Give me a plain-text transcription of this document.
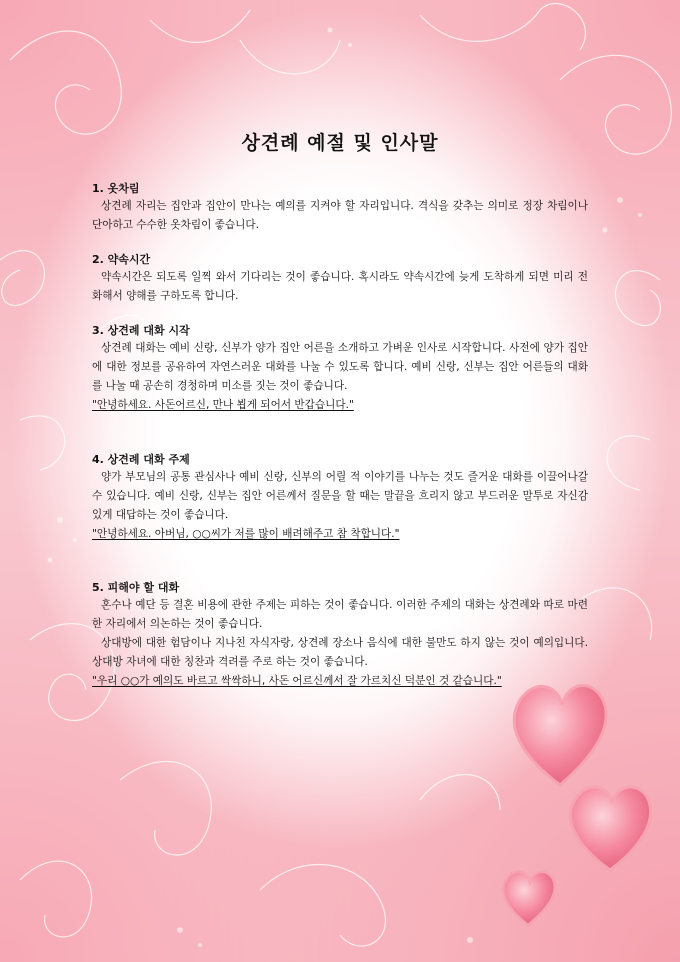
상견례 예절 및 인사말

1. 옷차림

상견례 자리는 집안과 집안이 만나는 예의를 지켜야 할 자리입니다. 격식을 갖추는 의미로 정장 차림이나 단아하고 수수한 옷차림이 좋습니다.

2. 약속시간

약속시간은 되도록 일찍 와서 기다리는 것이 좋습니다. 혹시라도 약속시간에 늦게 도착하게 되면 미리 전화해서 양해를 구하도록 합니다.

3. 상견례 대화 시작

상견례 대화는 예비 신랑, 신부가 양가 집안 어른을 소개하고 가벼운 인사로 시작합니다. 사전에 양가 집안에 대한 정보를 공유하여 자연스러운 대화를 나눌 수 있도록 합니다. 예비 신랑, 신부는 집안 어른들의 대화를 나눌 때 공손히 경청하며 미소를 짓는 것이 좋습니다.

"안녕하세요. 사돈어르신, 만나 뵙게 되어서 반갑습니다."

4. 상견례 대화 주제

양가 부모님의 공통 관심사나 예비 신랑, 신부의 어릴 적 이야기를 나누는 것도 즐거운 대화를 이끌어나갈 수 있습니다. 예비 신랑, 신부는 집안 어른께서 질문을 할 때는 말끝을 흐리지 않고 부드러운 말투로 자신감 있게 대답하는 것이 좋습니다.

"안녕하세요. 아버님, ○○씨가 저를 많이 배려해주고 참 착합니다."

5. 피해야 할 대화

혼수나 예단 등 결혼 비용에 관한 주제는 피하는 것이 좋습니다. 이러한 주제의 대화는 상견례와 따로 마련한 자리에서 의논하는 것이 좋습니다.

상대방에 대한 험담이나 지나친 자식자랑, 상견례 장소나 음식에 대한 불만도 하지 않는 것이 예의입니다. 상대방 자녀에 대한 칭찬과 격려를 주로 하는 것이 좋습니다.

"우리 ○○가 예의도 바르고 싹싹하니, 사돈 어르신께서 잘 가르치신 덕분인 것 같습니다."
